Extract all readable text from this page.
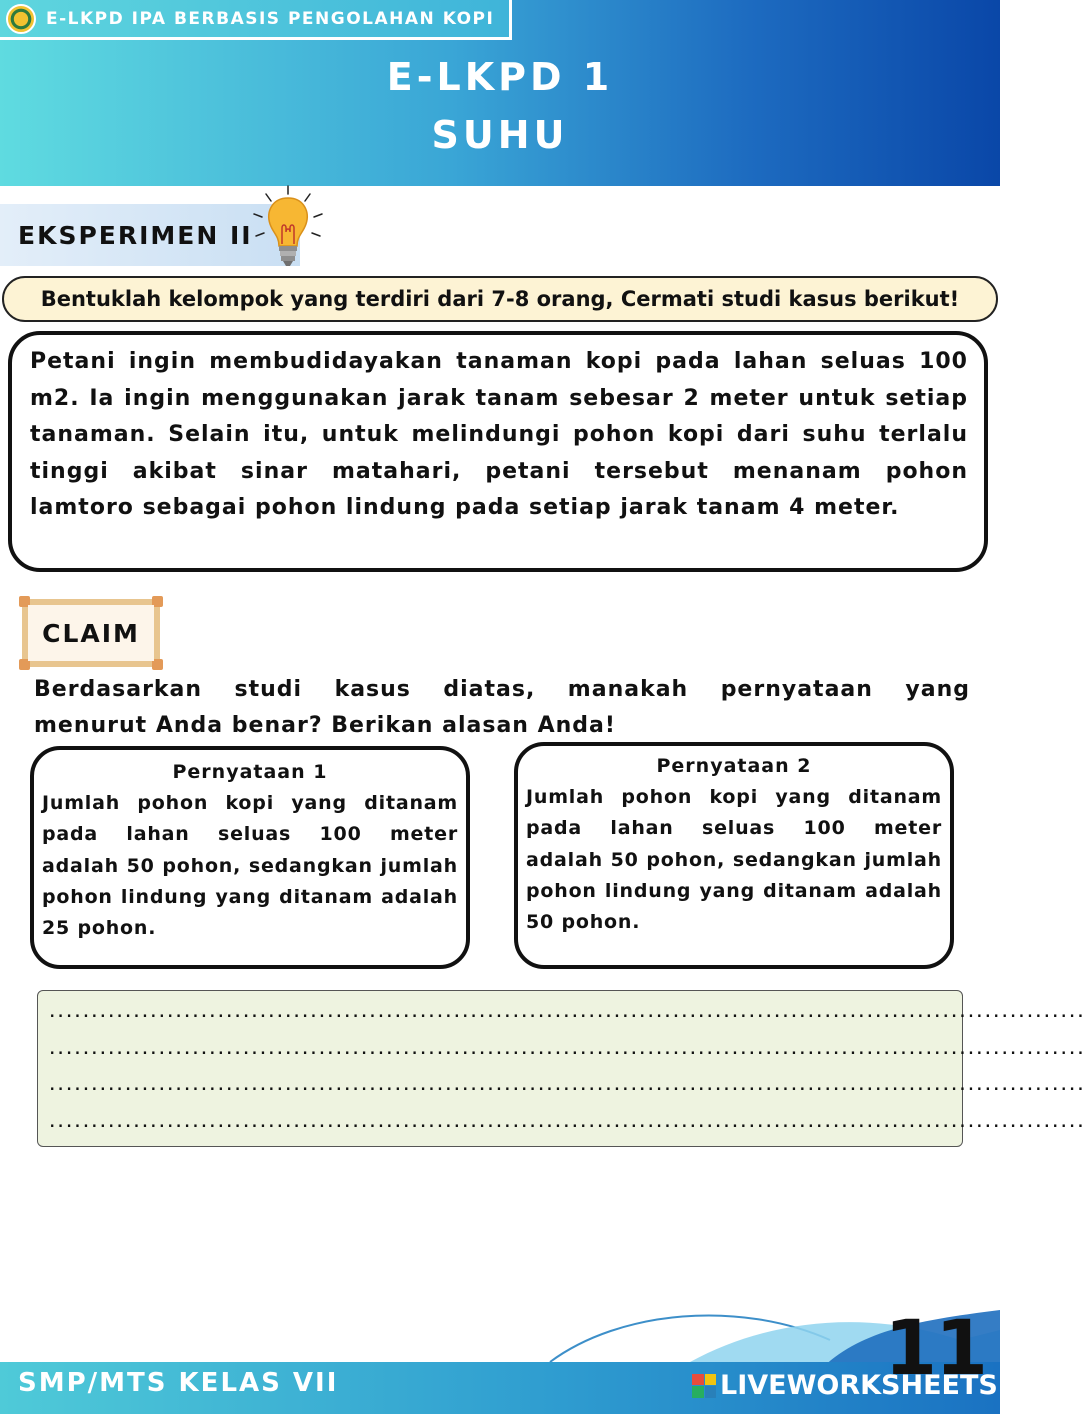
E-LKPD IPA BERBASIS PENGOLAHAN KOPI
E-LKPD 1
SUHU
EKSPERIMEN II
Bentuklah kelompok yang terdiri dari 7-8 orang, Cermati studi kasus berikut!

Petani ingin membudidayakan tanaman kopi pada lahan seluas 100 m2. Ia ingin menggunakan jarak tanam sebesar 2 meter untuk setiap tanaman. Selain itu, untuk melindungi pohon kopi dari suhu terlalu tinggi akibat sinar matahari, petani tersebut menanam pohon lamtoro sebagai pohon lindung pada setiap jarak tanam 4 meter.

CLAIM
Berdasarkan studi kasus diatas, manakah pernyataan yang
menurut Anda benar? Berikan alasan Anda!
Pernyataan 1
Jumlah pohon kopi yang ditanam pada lahan seluas 100 meter adalah 50 pohon, sedangkan jumlah pohon lindung yang ditanam adalah 25 pohon.
Pernyataan 2
Jumlah pohon kopi yang ditanam pada lahan seluas 100 meter adalah 50 pohon, sedangkan jumlah pohon lindung yang ditanam adalah 50 pohon.
...........................................................................................................................
...........................................................................................................................
...........................................................................................................................
...........................................................................................................................
SMP/MTS KELAS VII	11
LIVEWORKSHEETS
